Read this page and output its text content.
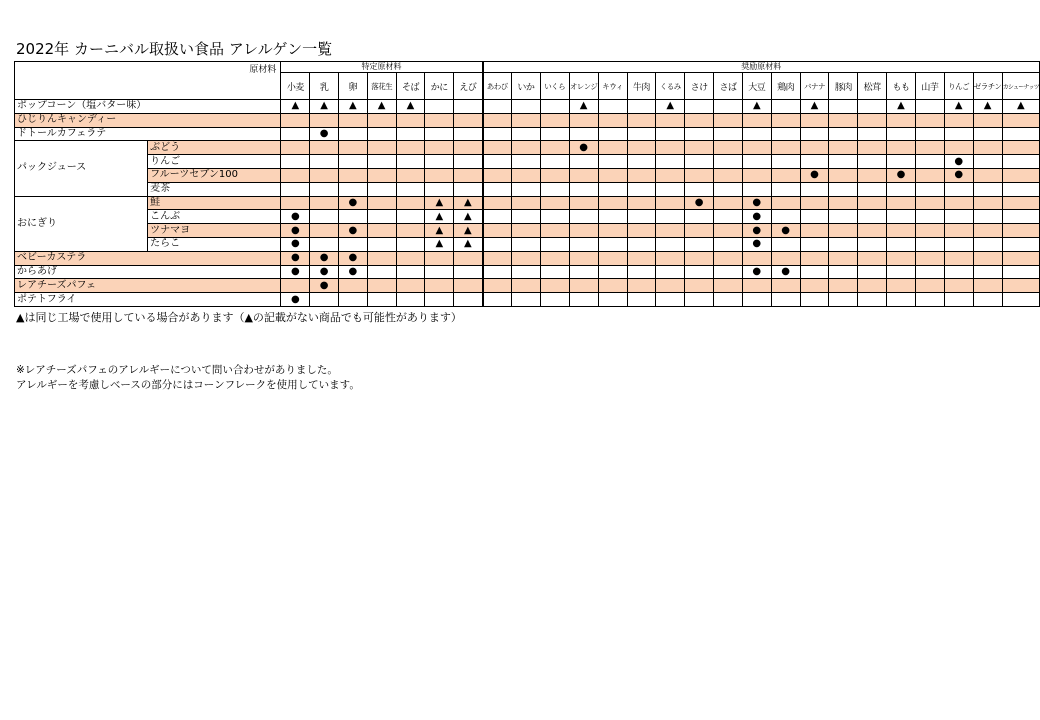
2022年 カーニバル取扱い食品 アレルゲン一覧
原材料		特定原材料							奨励原材料																		
		小麦	乳	卵	落花生	そば	かに	えび	あわび	いか	いくら	オレンジ	キウィ	牛肉	くるみ	さけ	さば	大豆	鶏肉	バナナ	豚肉	松茸	もも	山芋	りんご	ゼラチン	カシューナッツ
ポップコーン（塩バター味）		▲	▲	▲	▲	▲						▲			▲			▲		▲			▲		▲	▲	▲
ひじりんキャンディー																											
ドトールカフェラテ			●																								
パックジュース	ぶどう											●															
	りんご																								●		
	フルーツセブン100																			●			●		●		
	麦茶																										
おにぎり	鮭			●			▲	▲								●		●									
	こんぶ	●					▲	▲										●									
	ツナマヨ	●		●			▲	▲										●	●								
	たらこ	●					▲	▲										●									
ベビーカステラ		●	●	●																							
からあげ		●	●	●														●	●								
レアチーズパフェ			●																								
ポテトフライ		●																									
▲は同じ工場で使用している場合があります（▲の記載がない商品でも可能性があります）
※レアチーズパフェのアレルギーについて問い合わせがありました。
アレルギーを考慮しベースの部分にはコーンフレークを使用しています。
